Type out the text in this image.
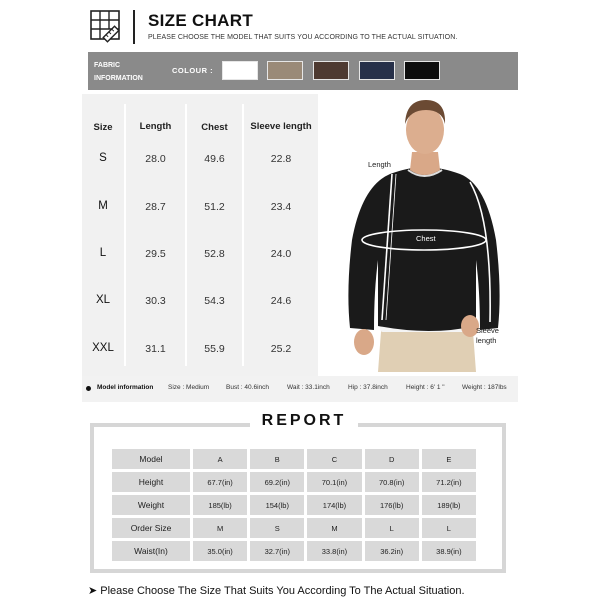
SIZE CHART
PLEASE CHOOSE THE MODEL THAT SUITS YOU ACCORDING TO THE ACTUAL SITUATION.
FABRIC INFORMATION
COLOUR :
Size	Length	Chest	Sleeve length
S	28.0	49.6	22.8
M	28.7	51.2	23.4
L	29.5	52.8	24.0
XL	30.3	54.3	24.6
XXL	31.1	55.9	25.2
Length
Chest
Sleeve length
Model information Size : Medium	Bust : 40.6inch	Wait : 33.1inch	Hip : 37.8inch	Height : 6' 1 "	Weight : 187lbs
REPORT
Model	A	B	C	D	E
Height	67.7(in)	69.2(in)	70.1(in)	70.8(in)	71.2(in)
Weight	185(lb)	154(lb)	174(lb)	176(lb)	189(lb)
Order Size	M	S	M	L	L
Waist(In)	35.0(in)	32.7(in)	33.8(in)	36.2in)	38.9(in)
➤ Please Choose The Size That Suits You According To The Actual Situation.
